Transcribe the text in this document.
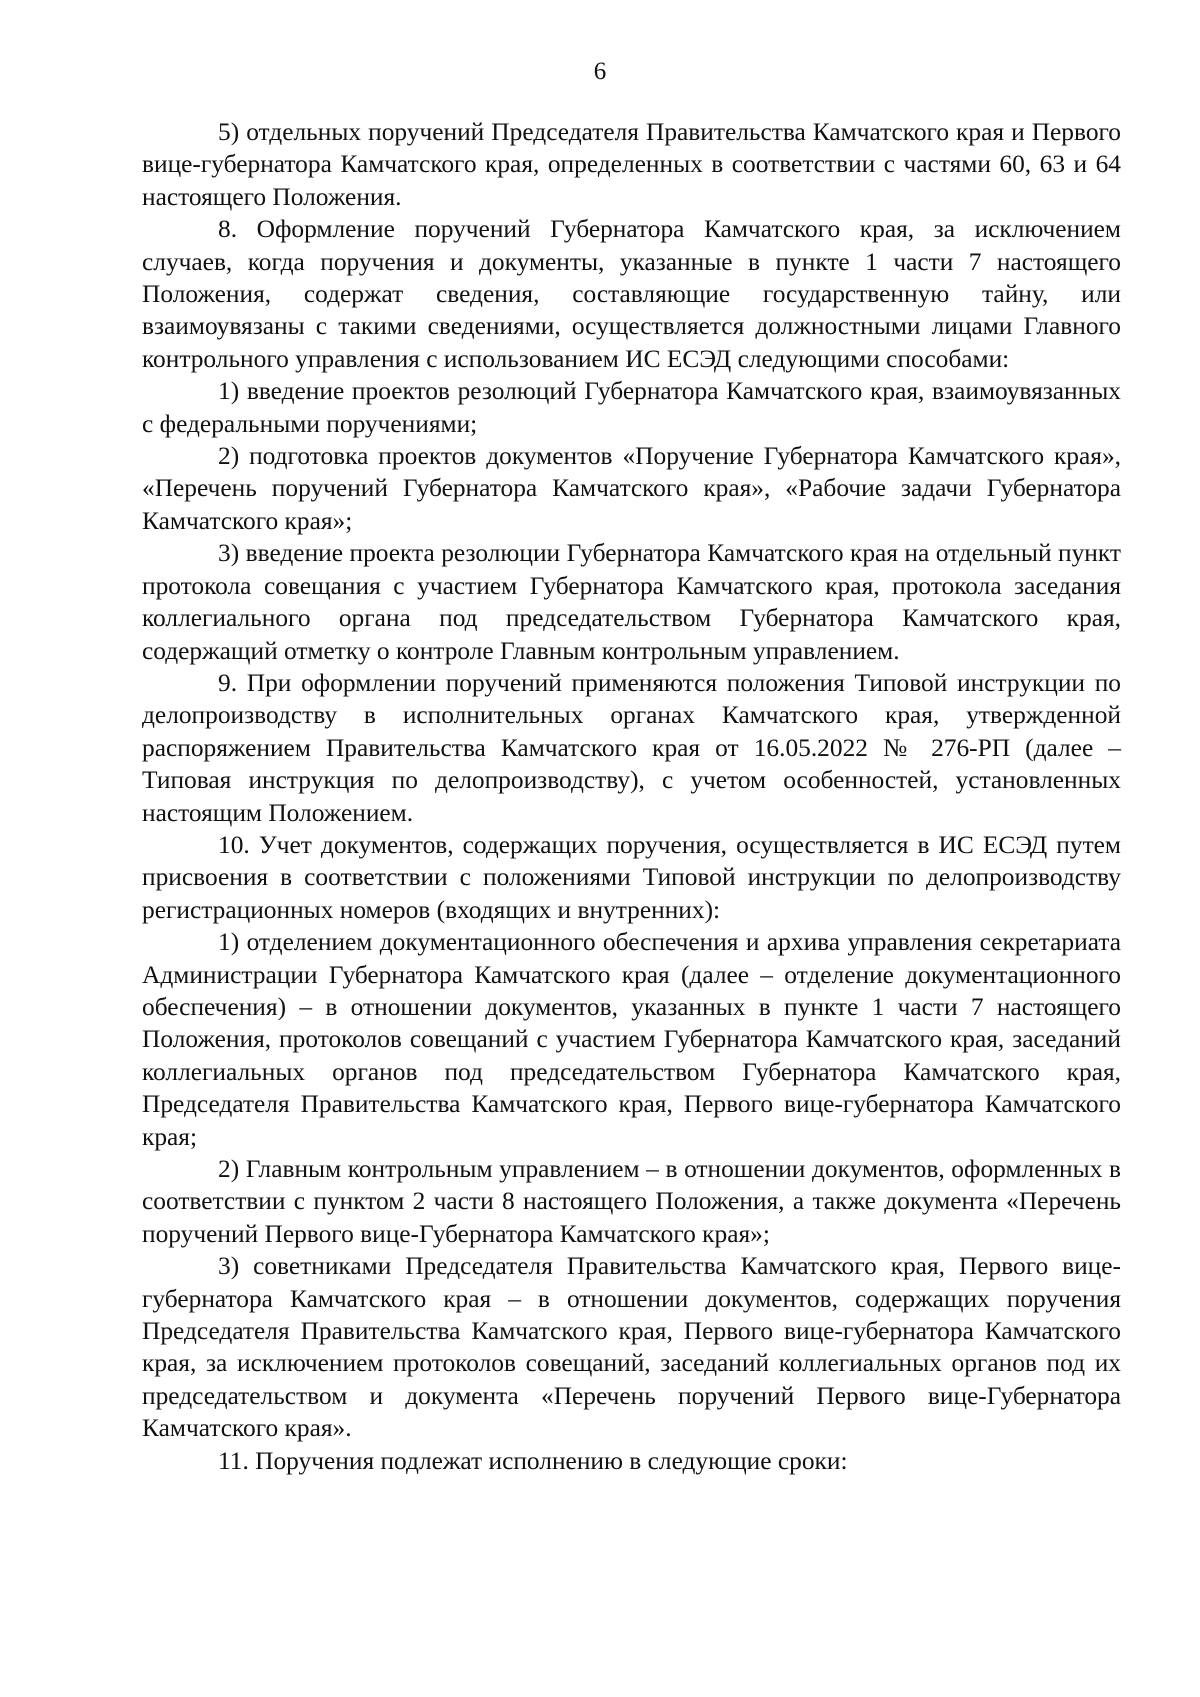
6

5) отдельных поручений Председателя Правительства Камчатского края и Первого вице-губернатора Камчатского края, определенных в соответствии с частями 60, 63 и 64 настоящего Положения.

8. Оформление поручений Губернатора Камчатского края, за исключением случаев, когда поручения и документы, указанные в пункте 1 части 7 настоящего Положения, содержат сведения, составляющие государственную тайну, или взаимоувязаны с такими сведениями, осуществляется должностными лицами Главного контрольного управления с использованием ИС ЕСЭД следующими способами:

1) введение проектов резолюций Губернатора Камчатского края, взаимоувязанных с федеральными поручениями;

2) подготовка проектов документов «Поручение Губернатора Камчатского края», «Перечень поручений Губернатора Камчатского края», «Рабочие задачи Губернатора Камчатского края»;

3) введение проекта резолюции Губернатора Камчатского края на отдельный пункт протокола совещания с участием Губернатора Камчатского края, протокола заседания коллегиального органа под председательством Губернатора Камчатского края, содержащий отметку о контроле Главным контрольным управлением.

9. При оформлении поручений применяются положения Типовой инструкции по делопроизводству в исполнительных органах Камчатского края, утвержденной распоряжением Правительства Камчатского края от 16.05.2022 № 276-РП (далее – Типовая инструкция по делопроизводству), с учетом особенностей, установленных настоящим Положением.

10. Учет документов, содержащих поручения, осуществляется в ИС ЕСЭД путем присвоения в соответствии с положениями Типовой инструкции по делопроизводству регистрационных номеров (входящих и внутренних):

1) отделением документационного обеспечения и архива управления секретариата Администрации Губернатора Камчатского края (далее – отделение документационного обеспечения) – в отношении документов, указанных в пункте 1 части 7 настоящего Положения, протоколов совещаний с участием Губернатора Камчатского края, заседаний коллегиальных органов под председательством Губернатора Камчатского края, Председателя Правительства Камчатского края, Первого вице-губернатора Камчатского края;

2) Главным контрольным управлением – в отношении документов, оформленных в соответствии с пунктом 2 части 8 настоящего Положения, а также документа «Перечень поручений Первого вице-Губернатора Камчатского края»;

3) советниками Председателя Правительства Камчатского края, Первого вице-губернатора Камчатского края – в отношении документов, содержащих поручения Председателя Правительства Камчатского края, Первого вице-губернатора Камчатского края, за исключением протоколов совещаний, заседаний коллегиальных органов под их председательством и документа «Перечень поручений Первого вице-Губернатора Камчатского края».

11. Поручения подлежат исполнению в следующие сроки:
